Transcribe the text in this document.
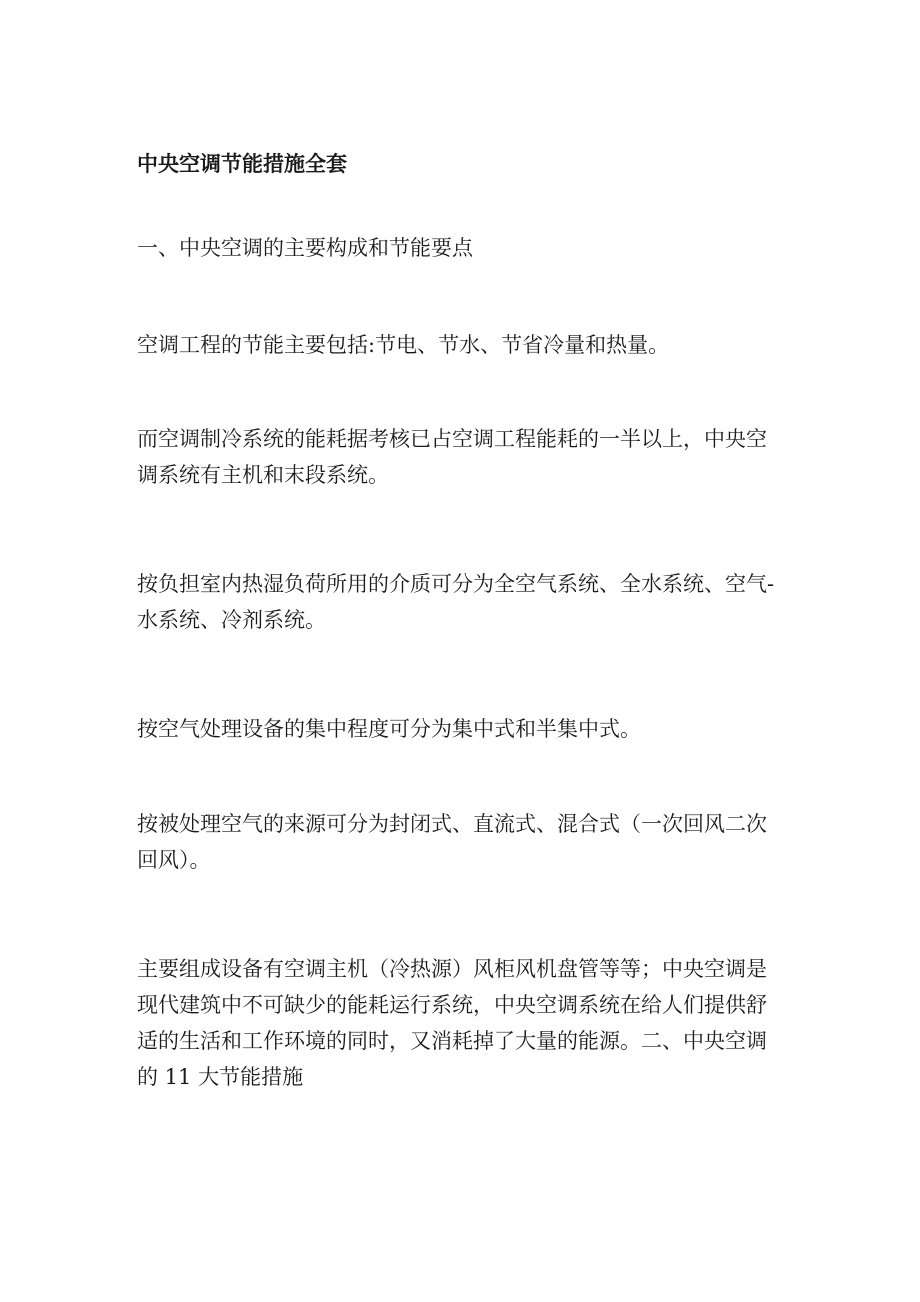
中央空调节能措施全套

一、中央空调的主要构成和节能要点

空调工程的节能主要包括:节电、节水、节省冷量和热量。

而空调制冷系统的能耗据考核已占空调工程能耗的一半以上，中央空
调系统有主机和末段系统。

按负担室内热湿负荷所用的介质可分为全空气系统、全水系统、空气-
水系统、冷剂系统。

按空气处理设备的集中程度可分为集中式和半集中式。

按被处理空气的来源可分为封闭式、直流式、混合式（一次回风二次
回风）。

主要组成设备有空调主机（冷热源）风柜风机盘管等等；中央空调是
现代建筑中不可缺少的能耗运行系统，中央空调系统在给人们提供舒
适的生活和工作环境的同时，又消耗掉了大量的能源。二、中央空调
的 11 大节能措施
